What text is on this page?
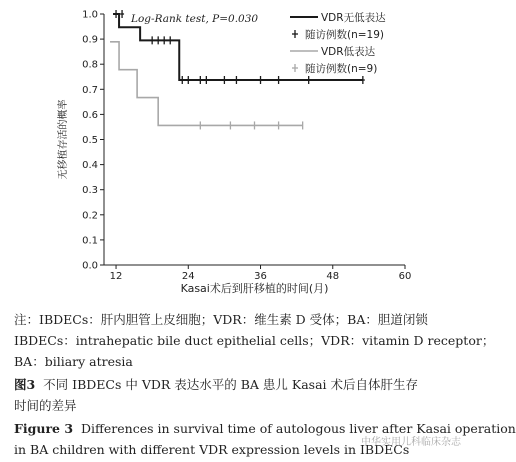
0.0
0.1
0.2
0.3
0.4
0.5
0.6
0.7
0.8
0.9
1.0
12	24	36	48	60
Kasai术后到肝移植的时间(月)
无移植存活的概率
Log-Rank test, P=0.030	VDR无低表达
随访例数(n=19)
VDR低表达
随访例数(n=9)
注：IBDECs：肝内胆管上皮细胞；VDR：维生素 D 受体；BA：胆道闭锁
IBDECs：intrahepatic bile duct epithelial cells；VDR：vitamin D receptor；
BA：biliary atresia
图3 不同 IBDECs 中 VDR 表达水平的 BA 患儿 Kasai 术后自体肝生存
时间的差异
Figure 3 Differences in survival time of autologous liver after Kasai operation
in BA children with different VDR expression levels in IBDECs
中华实用儿科临床杂志
